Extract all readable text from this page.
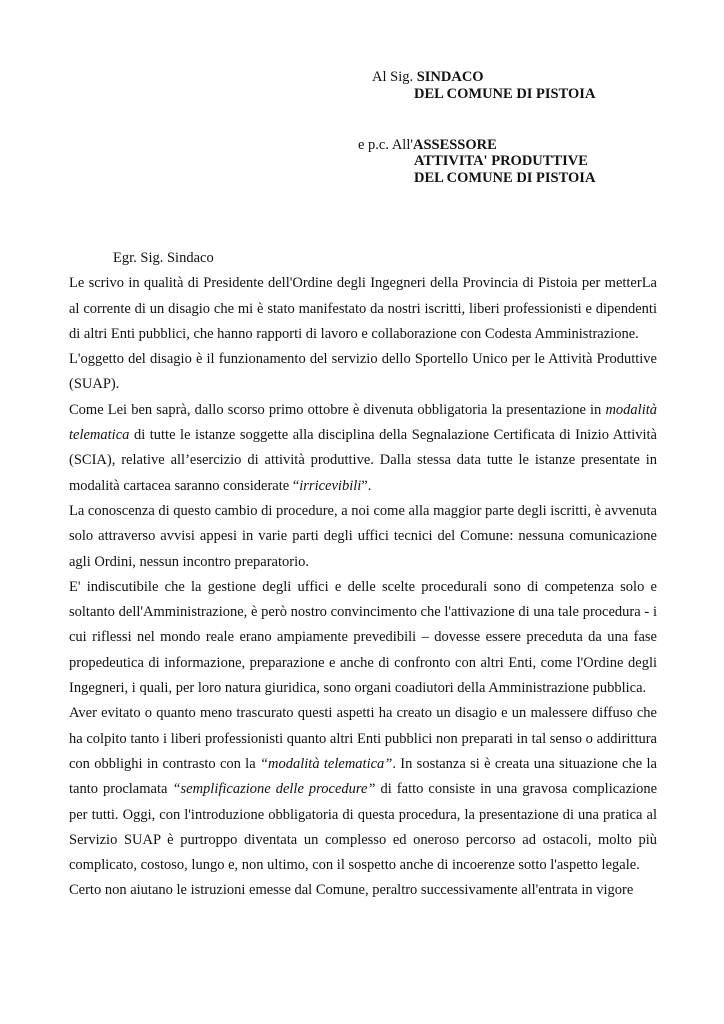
Al Sig. SINDACO
DEL COMUNE DI PISTOIA
e p.c. All'ASSESSORE
ATTIVITA' PRODUTTIVE
DEL COMUNE DI PISTOIA

Egr. Sig. Sindaco

Le scrivo in qualità di Presidente dell'Ordine degli Ingegneri della Provincia di Pistoia per metterLa al corrente di un disagio che mi è stato manifestato da nostri iscritti, liberi professionisti e dipendenti di altri Enti pubblici, che hanno rapporti di lavoro e collaborazione con Codesta Amministrazione.

L'oggetto del disagio è il funzionamento del servizio dello Sportello Unico per le Attività Produttive (SUAP).

Come Lei ben saprà, dallo scorso primo ottobre è divenuta obbligatoria la presentazione in modalità telematica di tutte le istanze soggette alla disciplina della Segnalazione Certificata di Inizio Attività (SCIA), relative all’esercizio di attività produttive. Dalla stessa data tutte le istanze presentate in modalità cartacea saranno considerate “irricevibili”.

La conoscenza di questo cambio di procedure, a noi come alla maggior parte degli iscritti, è avvenuta solo attraverso avvisi appesi in varie parti degli uffici tecnici del Comune: nessuna comunicazione agli Ordini, nessun incontro preparatorio.

E' indiscutibile che la gestione degli uffici e delle scelte procedurali sono di competenza solo e soltanto dell'Amministrazione, è però nostro convincimento che l'attivazione di una tale procedura - i cui riflessi nel mondo reale erano ampiamente prevedibili – dovesse essere preceduta da una fase propedeutica di informazione, preparazione e anche di confronto con altri Enti, come l'Ordine degli Ingegneri, i quali, per loro natura giuridica, sono organi coadiutori della Amministrazione pubblica.

Aver evitato o quanto meno trascurato questi aspetti ha creato un disagio e un malessere diffuso che ha colpito tanto i liberi professionisti quanto altri Enti pubblici non preparati in tal senso o addirittura con obblighi in contrasto con la “modalità telematica”. In sostanza si è creata una situazione che la tanto proclamata “semplificazione delle procedure” di fatto consiste in una gravosa complicazione per tutti. Oggi, con l'introduzione obbligatoria di questa procedura, la presentazione di una pratica al Servizio SUAP è purtroppo diventata un complesso ed oneroso percorso ad ostacoli, molto più complicato, costoso, lungo e, non ultimo, con il sospetto anche di incoerenze sotto l'aspetto legale.

Certo non aiutano le istruzioni emesse dal Comune, peraltro successivamente all'entrata in vigore
